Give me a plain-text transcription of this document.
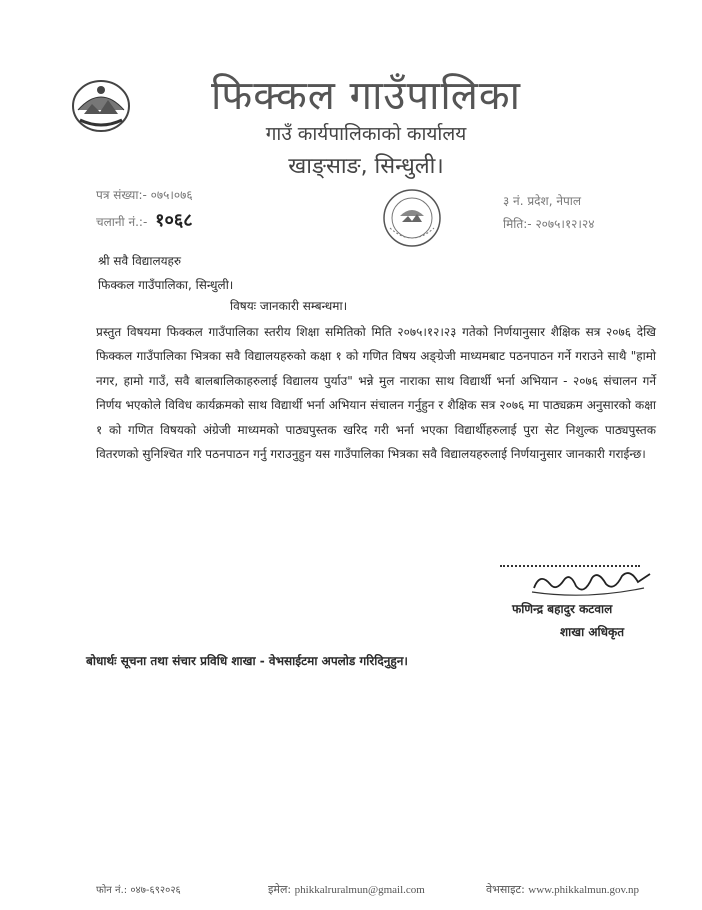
फिक्कल गाउँपालिका
गाउँ कार्यपालिकाको कार्यालय
खाङ्साङ, सिन्धुली।
पत्र संख्या:- ०७५।०७६
चलानी नं.:- १०६८
३ नं. प्रदेश, नेपाल
मिति:- २०७५।१२।२४
श्री सवै विद्यालयहरु
फिक्कल गाउँपालिका, सिन्धुली।
विषयः जानकारी सम्बन्धमा।
प्रस्तुत विषयमा फिक्कल गाउँपालिका स्तरीय शिक्षा समितिको मिति २०७५।१२।२३ गतेको निर्णयानुसार शैक्षिक सत्र २०७६ देखि फिक्कल गाउँपालिका भित्रका सवै विद्यालयहरुको कक्षा १ को गणित विषय अङ्ग्रेजी माध्यमबाट पठनपाठन गर्ने गराउने साथै "हामो नगर, हामो गाउँ, सवै बालबालिकाहरुलाई विद्यालय पुर्याउ" भन्ने मुल नाराका साथ विद्यार्थी भर्ना अभियान - २०७६ संचालन गर्ने निर्णय भएकोले विविध कार्यक्रमको साथ विद्यार्थी भर्ना अभियान संचालन गर्नुहुन र शैक्षिक सत्र २०७६ मा पाठ्यक्रम अनुसारको कक्षा १ को गणित विषयको अंग्रेजी माध्यमको पाठ्यपुस्तक खरिद गरी भर्ना भएका विद्यार्थीहरुलाई पुरा सेट निशुल्क पाठ्यपुस्तक वितरणको सुनिश्चित गरि पठनपाठन गर्नु गराउनुहुन यस गाउँपालिका भित्रका सवै विद्यालयहरुलाई निर्णयानुसार जानकारी गराईन्छ।
फणिन्द्र बहादुर कटवाल
शाखा अधिकृत
बोधार्थः सूचना तथा संचार प्रविधि शाखा - वेभसाईटमा अपलोड गरिदिनुहुन।
फोन नं.: ०४७-६९२०२६	इमेल: phikkalruralmun@gmail.com	वेभसाइट: www.phikkalmun.gov.np
